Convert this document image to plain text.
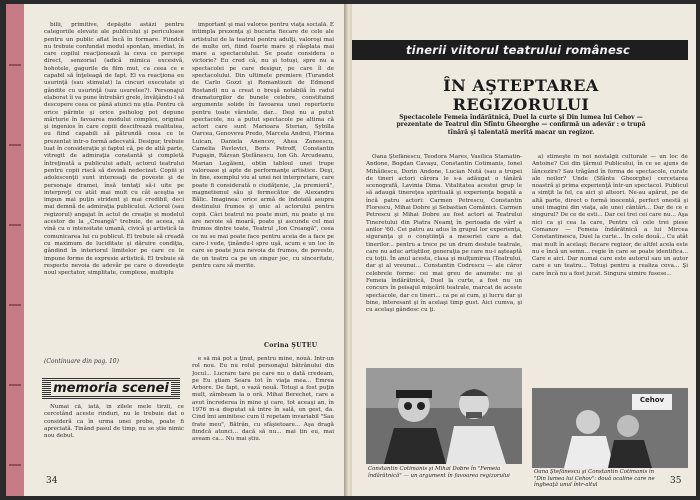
bilii, primitive, depăşite astăzi pentru categoriile elevate ale publicului şi periculoase pentru un public aflat încă în formare. Fiindcă nu trebuie confundat modul spontan, imediat, în care copilul reacţionează la ceva ce percepe direct, senzorial (adică mimica excesivă, hohotele, gagurile de film mut, ca ceea ce e capabil să înţeleagă de fapt. El va reacţiona eu usurinţă (sau stimulat) la cincuri executate şi gândite cu usurinţă (sau usurelee?). Personajul elaborat îi va pune întrebări grele, învăţându-l să descopere ceea ce până atunci nu ştia. Pentru că orice părinte şi orice psiholog pot depune mărturie în favoarea modului complex, original şi ingenios în care copiii descifrează realitatea, eu fiind capabili să pătrundă ceea ce le prezentat intr-o formă adecvată. Desigur, trebuie luat în consideraţie şi faptul că, pe de altă parte, vitregit de admiraţia constantă şi completă întreţinută a publicului adult, actorul teatrului pentru copii riscă să devină nedecizat. Copiii şi adolescenţii sunt interesaţi de poveste şi de personaje dramei, însă tentaţi să-i uite pe interpreţi cu atât mai mult cu cât aceştia se impun mai puţin strident şi mai credibil, deci mai demnă de admiraţia publicului. Actorul (sau regizorul) angajat în actul de creaţie și modelul acestor de la „Creangă" trebuie, de aceea, să vină cu o intensitate umană, civică şi artistică la comunicarea lui cu publicul. El trebuie să creadă cu maximum de luciditate şi dăruire condiţia, gândind în interiorul limitelor pe care ce le impune forme de expresie artistică. El trebuie să respecte nevoia de adevăr pe care o dovedeşte noul spectator, simplitate, complexe, multiplu

important şi mai valoros pentru viaţa socială. E intimpla prezenţa şi bucuria fiecare de cele ale artistului de la teatrul pentru adulţi, valoroşi mai de multe ori, fiind foarte mare şi răsplata mai mare a spectacolului. Se poate considera o victorie? Eu cred că, nu și totuși, spre nu a spectacolei pe care desigur, pe care îl de spectacolului. Din ultimele premiere (Turandot de Carlo Gozzi şi Romantiozii de Edmond Rostand) nu a creat o breşă notabilă în radul dramaturgilor de bunele celebre, constituind argumente solide în favoarea unei repertoriu pentru toate vârstele, dar... Deşi nu a putut spectacole, nu a putut spectacole pe altima că actori care sunt Marioara Sterian, Sybilla Oarcea, Genoveva Predo, Marcela Andrei, Florina Luican, Daniela Anencov, Ahea Zaneescu, Camelia Pavlovici, Boris Petroff, Constantin Fugaşin, Răzvan Ştefănescu, Ion Gh. Arcudeanu, Marian Legăieni, obtin tabloul unei trupe valoroase şi apte de performanţe artistice. Deşi, în fine, exemplul viu al unei noi interpretare, care poate fi considerată o ciudăţenie, „la premieră", magnetismul său şi fermecător de Alexandru Bălic. Imaginea: orice armă de îndoială asupra destinului frumos şi unic al actorului pentru copii. Câci teatrul nu poate muri, nu poate şi nu are nevoie să moară, poate şi ascunde cel mai frumos dintre toate, Teatrul „Ion Creangă", ceea ce nu se mai poate face pentru aceia de a face pe care-l vede, ţinându-l spre uşă, acum e un loc în care se poate juca nevoia de frumos, de poveste, de un teatru ca pe un singur joc, cu sinceritate, pentru care să merite.

Corina ŞUTEU
(Continuare din pag. 10)
memoria scenei

Numai că, iată, în zilele mele tirzii, ce cercetând aceste rinduri, nu le trebuie dat o consideră ca în urma unei probe, poate fi apreciată. Tinând pasul de timp, nu se știe nimic nou debut.

e să mă pot a ţinut, pentru mine, nouă. Intr-un rol nou. Eu nu rolul personajul bătrânului din Jocul... Lucrare tare pe care nu o dată credeam, pe Eu ştiam Seara tot în viaţa mea... Emrea Arbore. De fapt, o vază nouă. Totuşi a fost puţin mult, zâmbeam la o oră. Mihai Berechet, care a avut încrederea în mine şi care, tot aceaşi an, în 1976 m-a disputat să intre în sală, un gest, da. Cind îmi aminitesc cum îl repetam invariabil "Sau frate meu", Bătrân, cu sfâşietoare... Aşa dragă fiindcă atunci... dacă să nu... mai țin eu, mai aveam ca... Nu mai știu.

34
tinerii viitorul teatrului românesc
ÎN AŞTEPTAREA REGIZORULUI
Spectacolele Femeia îndărătnică, Duel la curte şi Din lumea lui Cehov — prezentate de Teatrul din Sfîntu Gheorghe — confirmă un adevăr : o trupă tînără şi talentată merită macar un regizor.

Oana Ştefănescu, Teodora Mares, Vasilica Stamatin-Andone, Bogdan Cavaşu, Constantin Cotimanis, Ionel Mihăilescu, Dorin Andone, Lucian Nută (sau a trupei de tineri actori cărora le s-a adăugat o tânără scenografă, Lavinia Dima. Vitalitatea acestui grup le să adaugă tinereţea spirituală şi experienţa bogată a încă patru actori: Carmen Petrescu, Constantin Florescu, Mihai Dobre şi Sebastian Comănici. Carmen Petrescu şi Mihai Dobre au fost actori ai Teatrului Tineretului din Piatra Neamţ în perioada de vârf a anilor '60. Cei patru au adus în grupul lor experienţa, siguranţa şi o conştiinţă a meseriei care a dat tinerilor... pentru a trece pe un drum destule teatrale, care nu aduc artiştilor, generaţia pe care nu-i aşteaptă cu toţii. În anul acesta, clasa şi mulţumirea (Teatrului, dar şi al vreunui... Constantin Codrescu — ale căror celebrele forme: cei mai greu de anumite: nu şi Femeia îndărătnică, Duel la curte, a fost nu un concurs în peisajul mişcării teatrale, marcat de aceste spectacole, dar cu tineri... ca pe ai cum, şi lucru dar şi bine, interesant şi în acelaşi timp gust. Aici cumva, şi cu acelaşi gândesc cu ţi.

a) stimeşte în noi nostalgii culturale — un loc de Antoine? Cei din ţărmul Publicului, în ce se ajuns de lâncezire? Sau trăgând în forma de spectacole, curate ale noilor? Unde (Sfântu Gheorghe) cercetarea noastră şi prima experienţă într-un spectacol. Publicul a simţit la fel, ca aici şi alteori. Ne-au apărut, pe de altă parte, direct o formă inocentă, perfect onestă şi unei imagini din viaţa, ale unei cântări... Dar de ce e singurul? De ce de esti... Dar cei trei cei care nu... Aşa nici ca şi cea la care, Pentru că cele trei piese Comanov — Femeia îndărătnică a lui Mircea Constantinescu, Duel la curte... În cele două... Cu atât mai mult în acelaşi; fiecare regizor, de altfel acela este nu e încă un semn... regie în care se poate identifica... Care e aici. Dar numai care este autorul sau un autor care e un teatru... Totuşi pentru a realiza ceva... Şi care încă nu a fost jucat. Singura uimire fusese...

Constantin Cotimanis şi Mihai Dobre în "Femeia îndărătnică" — un argument în favoarea regizorului
Cehov
Oana Ştefănescu şi Constantin Cotimanis în "Din lumea lui Cehov": două ocaline care ne îngheaţă unul într-altul	35
